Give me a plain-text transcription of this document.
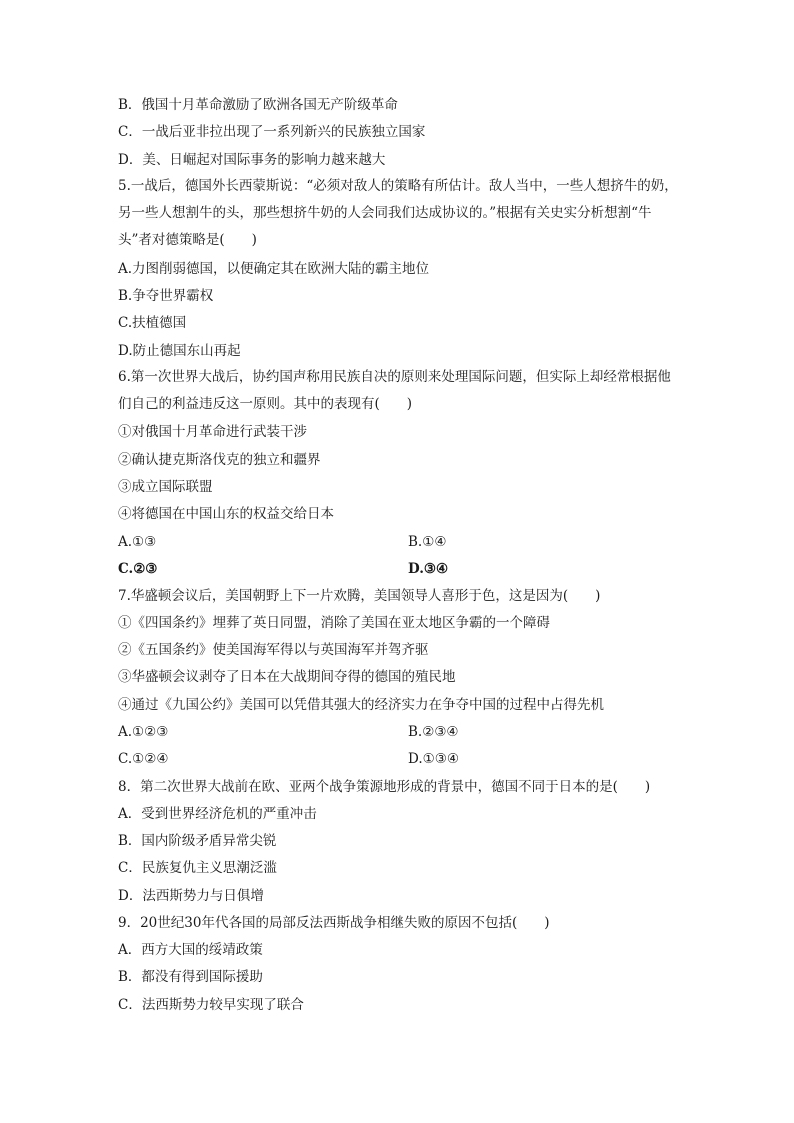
B．俄国十月革命激励了欧洲各国无产阶级革命
C．一战后亚非拉出现了一系列新兴的民族独立国家
D．美、日崛起对国际事务的影响力越来越大
5.一战后，德国外长西蒙斯说：“必须对敌人的策略有所估计。敌人当中，一些人想挤牛的奶，另一些人想割牛的头，那些想挤牛奶的人会同我们达成协议的。”根据有关史实分析想割“牛头”者对德策略是(　　)
A.力图削弱德国，以便确定其在欧洲大陆的霸主地位
B.争夺世界霸权
C.扶植德国
D.防止德国东山再起
6.第一次世界大战后，协约国声称用民族自决的原则来处理国际问题，但实际上却经常根据他们自己的利益违反这一原则。其中的表现有(　　)
①对俄国十月革命进行武装干涉
②确认捷克斯洛伐克的独立和疆界
③成立国际联盟
④将德国在中国山东的权益交给日本
A.①③	B.①④
C.②③	D.③④
7.华盛顿会议后，美国朝野上下一片欢腾，美国领导人喜形于色，这是因为(　　)
①《四国条约》埋葬了英日同盟，消除了美国在亚太地区争霸的一个障碍
②《五国条约》使美国海军得以与英国海军并驾齐驱
③华盛顿会议剥夺了日本在大战期间夺得的德国的殖民地
④通过《九国公约》美国可以凭借其强大的经济实力在争夺中国的过程中占得先机
A.①②③	B.②③④
C.①②④	D.①③④
8．第二次世界大战前在欧、亚两个战争策源地形成的背景中，德国不同于日本的是(　　)
A．受到世界经济危机的严重冲击
B．国内阶级矛盾异常尖锐
C．民族复仇主义思潮泛滥
D．法西斯势力与日俱增
9．20世纪30年代各国的局部反法西斯战争相继失败的原因不包括(　　)
A．西方大国的绥靖政策
B．都没有得到国际援助
C．法西斯势力较早实现了联合
